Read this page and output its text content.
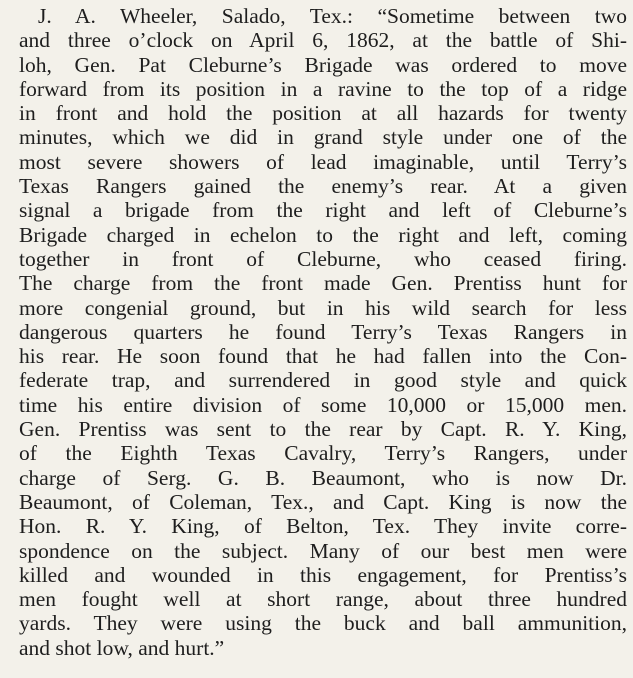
J. A. Wheeler, Salado, Tex.: “Sometime between two
and three o’clock on April 6, 1862, at the battle of Shi-
loh, Gen. Pat Cleburne’s Brigade was ordered to move
forward from its position in a ravine to the top of a ridge
in front and hold the position at all hazards for twenty
minutes, which we did in grand style under one of the
most severe showers of lead imaginable, until Terry’s
Texas Rangers gained the enemy’s rear. At a given
signal a brigade from the right and left of Cleburne’s
Brigade charged in echelon to the right and left, coming
together in front of Cleburne, who ceased firing.
The charge from the front made Gen. Prentiss hunt for
more congenial ground, but in his wild search for less
dangerous quarters he found Terry’s Texas Rangers in
his rear. He soon found that he had fallen into the Con-
federate trap, and surrendered in good style and quick
time his entire division of some 10,000 or 15,000 men.
Gen. Prentiss was sent to the rear by Capt. R. Y. King,
of the Eighth Texas Cavalry, Terry’s Rangers, under
charge of Serg. G. B. Beaumont, who is now Dr.
Beaumont, of Coleman, Tex., and Capt. King is now the
Hon. R. Y. King, of Belton, Tex. They invite corre-
spondence on the subject. Many of our best men were
killed and wounded in this engagement, for Prentiss’s
men fought well at short range, about three hundred
yards. They were using the buck and ball ammunition,
and shot low, and hurt.”
